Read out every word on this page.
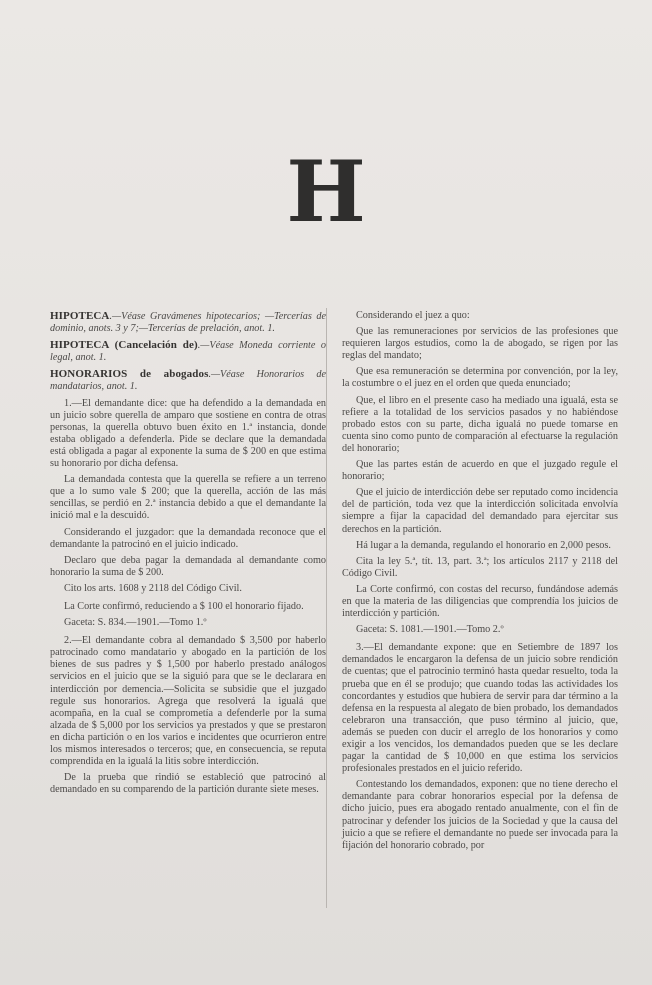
H
HIPOTECA.—Véase Gravámenes hipotecarios; —Tercerías de dominio, anots. 3 y 7;—Tercerías de prelación, anot. 1.
HIPOTECA (Cancelación de).—Véase Moneda corriente o legal, anot. 1.
HONORARIOS de abogados.—Véase Honorarios de mandatarios, anot. 1.

1.—El demandante dice: que ha defendido a la demandada en un juicio sobre querella de amparo que sostiene en contra de otras personas, la querella obtuvo buen éxito en 1.ª instancia, donde estaba obligado a defenderla. Pide se declare que la demandada está obligada a pagar al exponente la suma de $ 200 en que estima su honorario por dicha defensa.

La demandada contesta que la querella se refiere a un terreno que a lo sumo vale $ 200; que la querella, acción de las más sencillas, se perdió en 2.ª instancia debido a que el demandante la inició mal e la descuidó.

Considerando el juzgador: que la demandada reconoce que el demandante la patrocinó en el juicio indicado.

Declaro que deba pagar la demandada al demandante como honorario la suma de $ 200.

Cito los arts. 1608 y 2118 del Código Civil.

La Corte confirmó, reduciendo a $ 100 el honorario fijado.

Gaceta: S. 834.—1901.—Tomo 1.º

2.—El demandante cobra al demandado $ 3,500 por haberlo patrocinado como mandatario y abogado en la partición de los bienes de sus padres y $ 1,500 por haberlo prestado análogos servicios en el juicio que se la siguió para que se le declarara en interdicción por demencia.—Solicita se subsidie que el juzgado regule sus honorarios. Agrega que resolverá la igualá que acompaña, en la cual se comprometía a defenderle por la suma alzada de $ 5,000 por los servicios ya prestados y que se prestaron en dicha partición o en los varios e incidentes que ocurrieron entre los mismos interesados o terceros; que, en consecuencia, se reputa comprendida en la igualá la litis sobre interdicción.

De la prueba que rindió se estableció que patrocinó al demandado en su comparendo de la partición durante siete meses.

Considerando el juez a quo:

Que las remuneraciones por servicios de las profesiones que requieren largos estudios, como la de abogado, se rigen por las reglas del mandato;

Que esa remuneración se determina por convención, por la ley, la costumbre o el juez en el orden que queda enunciado;

Que, el libro en el presente caso ha mediado una igualá, esta se refiere a la totalidad de los servicios pasados y no habiéndose probado estos con su parte, dicha igualá no puede tomarse en cuenta sino como punto de comparación al efectuarse la regulación del honorario;

Que las partes están de acuerdo en que el juzgado regule el honorario;

Que el juicio de interdicción debe ser reputado como incidencia del de partición, toda vez que la interdicción solicitada envolvía siempre a fijar la capacidad del demandado para ejercitar sus derechos en la partición.

Há lugar a la demanda, regulando el honorario en 2,000 pesos.

Cita la ley 5.ª, tít. 13, part. 3.ª; los artículos 2117 y 2118 del Código Civil.

La Corte confirmó, con costas del recurso, fundándose además en que la materia de las diligencias que comprendía los juicios de interdicción y partición.

Gaceta: S. 1081.—1901.—Tomo 2.º

3.—El demandante expone: que en Setiembre de 1897 los demandados le encargaron la defensa de un juicio sobre rendición de cuentas; que el patrocinio terminó hasta quedar resuelto, toda la prueba que en él se produjo; que cuando todas las actividades los concordantes y estudios que hubiera de servir para dar término a la defensa en la respuesta al alegato de bien probado, los demandados celebraron una transacción, que puso término al juicio, que, además se pueden con ducir el arreglo de los honorarios y como exigir a los vencidos, los demandados pueden que se les declare pagar la cantidad de $ 10,000 en que estima los servicios profesionales prestados en el juicio referido.

Contestando los demandados, exponen: que no tiene derecho el demandante para cobrar honorarios especial por la defensa de dicho juicio, pues era abogado rentado anualmente, con el fin de patrocinar y defender los juicios de la Sociedad y que la causa del juicio a que se refiere el demandante no puede ser invocada para la fijación del honorario cobrado, por
